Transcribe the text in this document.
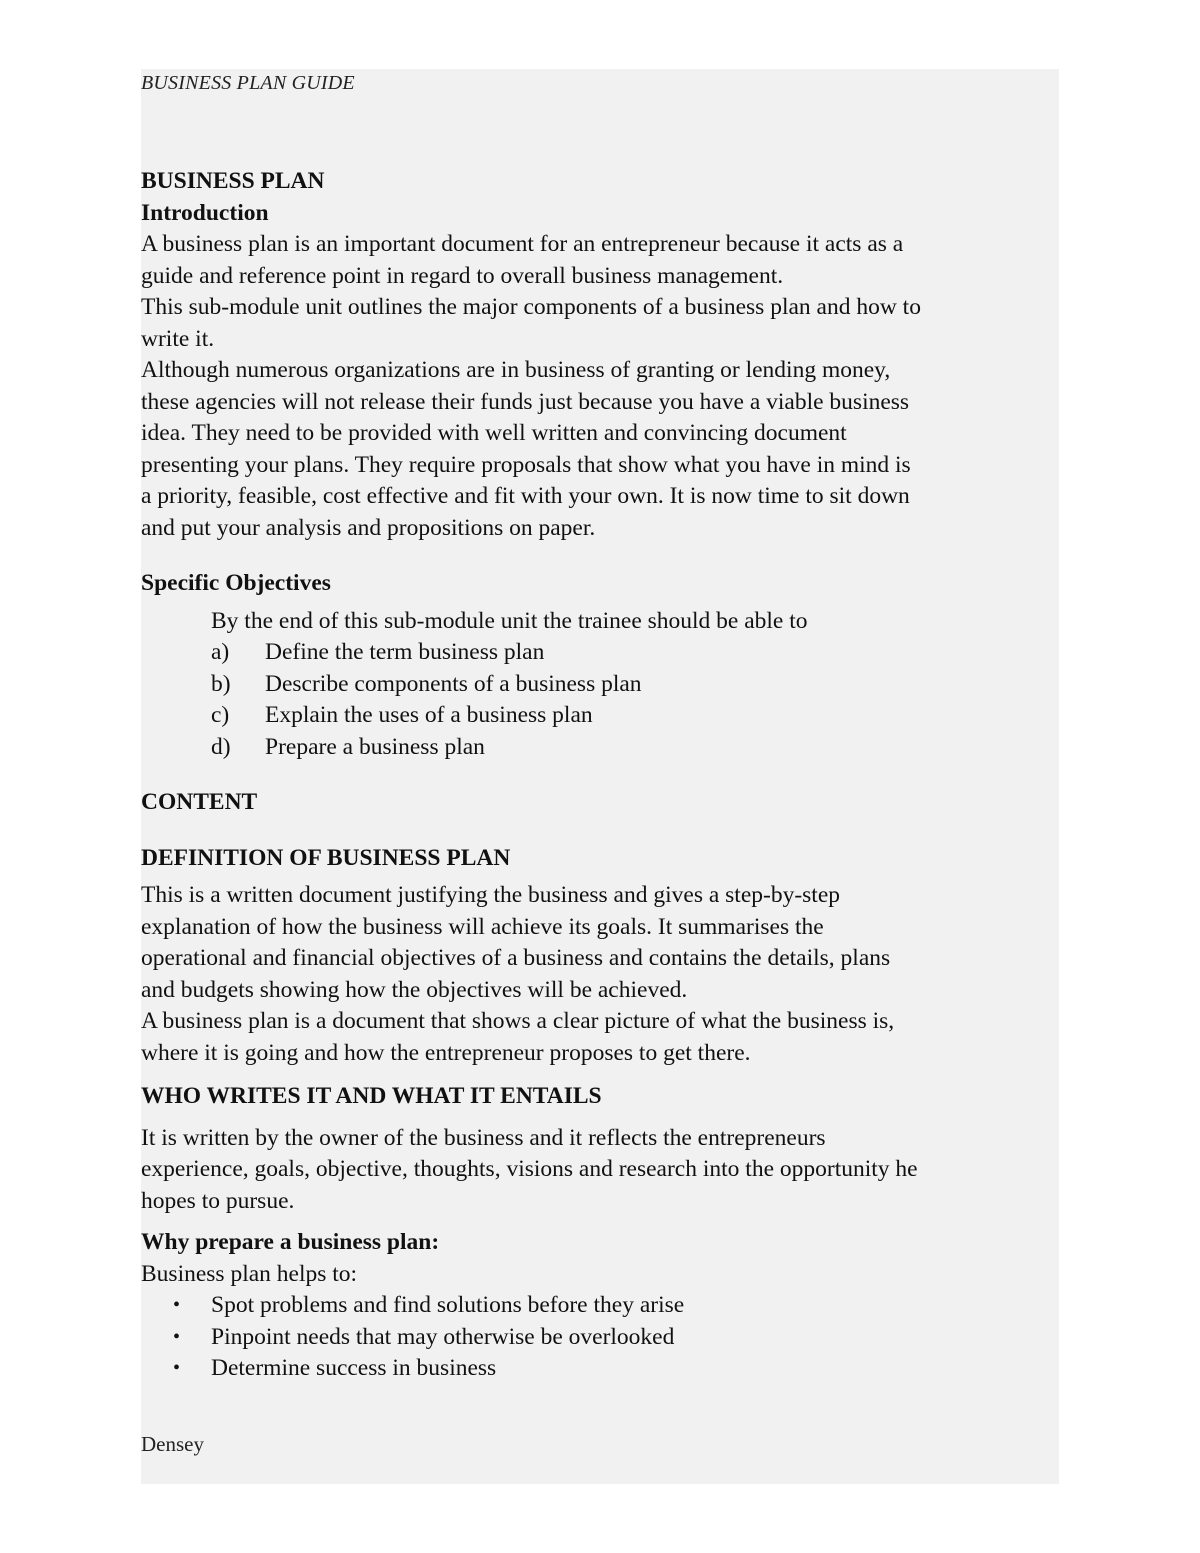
BUSINESS PLAN GUIDE

BUSINESS PLAN

Introduction

A business plan is an important document for an entrepreneur because it acts as a

guide and reference point in regard to overall business management.

This sub-module unit outlines the major components of a business plan and how to

write it.

Although numerous organizations are in business of granting or lending money,

these agencies will not release their funds just because you have a viable business

idea. They need to be provided with well written and convincing document

presenting your plans. They require proposals that show what you have in mind is

a priority, feasible, cost effective and fit with your own. It is now time to sit down

and put your analysis and propositions on paper.

Specific Objectives

By the end of this sub-module unit the trainee should be able to

a) Define the term business plan
b) Describe components of a business plan
c) Explain the uses of a business plan
d) Prepare a business plan

CONTENT

DEFINITION OF BUSINESS PLAN

This is a written document justifying the business and gives a step-by-step

explanation of how the business will achieve its goals. It summarises the

operational and financial objectives of a business and contains the details, plans

and budgets showing how the objectives will be achieved.

A business plan is a document that shows a clear picture of what the business is,

where it is going and how the entrepreneur proposes to get there.

WHO WRITES IT AND WHAT IT ENTAILS

It is written by the owner of the business and it reflects the entrepreneurs

experience, goals, objective, thoughts, visions and research into the opportunity he

hopes to pursue.

Why prepare a business plan:

Business plan helps to:

• Spot problems and find solutions before they arise
• Pinpoint needs that may otherwise be overlooked
• Determine success in business
Densey
